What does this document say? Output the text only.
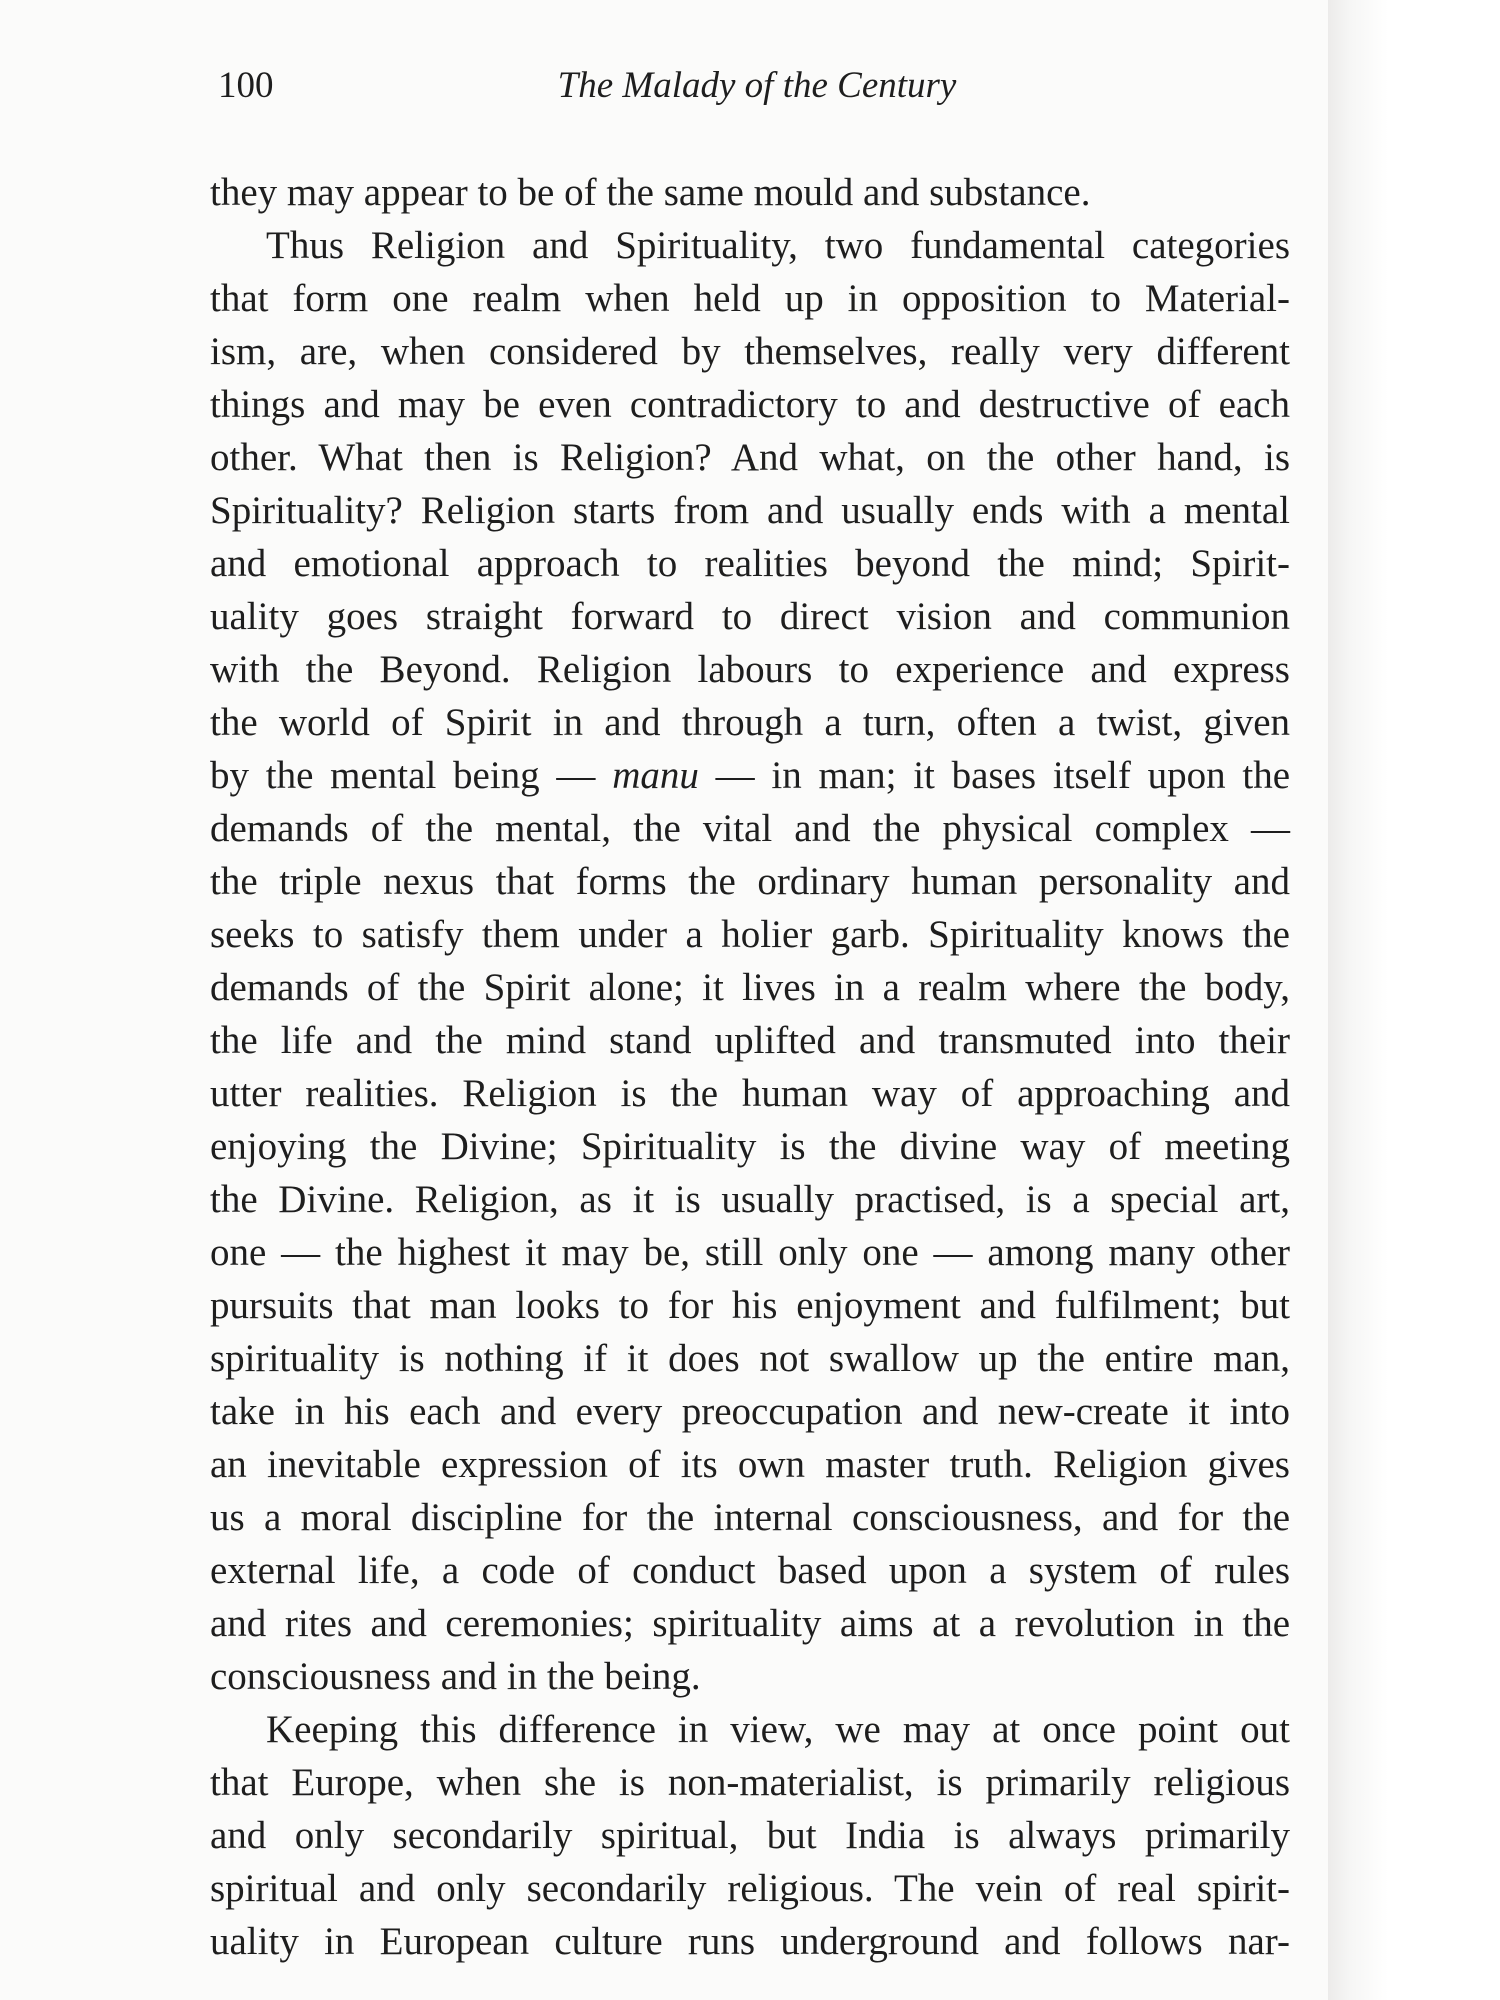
100	The Malady of the Century
they may appear to be of the same mould and substance.
Thus Religion and Spirituality, two fundamental categories
that form one realm when held up in opposition to Material-
ism, are, when considered by themselves, really very different
things and may be even contradictory to and destructive of each
other. What then is Religion? And what, on the other hand, is
Spirituality? Religion starts from and usually ends with a mental
and emotional approach to realities beyond the mind; Spirit-
uality goes straight forward to direct vision and communion
with the Beyond. Religion labours to experience and express
the world of Spirit in and through a turn, often a twist, given
by the mental being — manu — in man; it bases itself upon the
demands of the mental, the vital and the physical complex —
the triple nexus that forms the ordinary human personality and
seeks to satisfy them under a holier garb. Spirituality knows the
demands of the Spirit alone; it lives in a realm where the body,
the life and the mind stand uplifted and transmuted into their
utter realities. Religion is the human way of approaching and
enjoying the Divine; Spirituality is the divine way of meeting
the Divine. Religion, as it is usually practised, is a special art,
one — the highest it may be, still only one — among many other
pursuits that man looks to for his enjoyment and fulfilment; but
spirituality is nothing if it does not swallow up the entire man,
take in his each and every preoccupation and new-create it into
an inevitable expression of its own master truth. Religion gives
us a moral discipline for the internal consciousness, and for the
external life, a code of conduct based upon a system of rules
and rites and ceremonies; spirituality aims at a revolution in the
consciousness and in the being.
Keeping this difference in view, we may at once point out
that Europe, when she is non-materialist, is primarily religious
and only secondarily spiritual, but India is always primarily
spiritual and only secondarily religious. The vein of real spirit-
uality in European culture runs underground and follows nar-
